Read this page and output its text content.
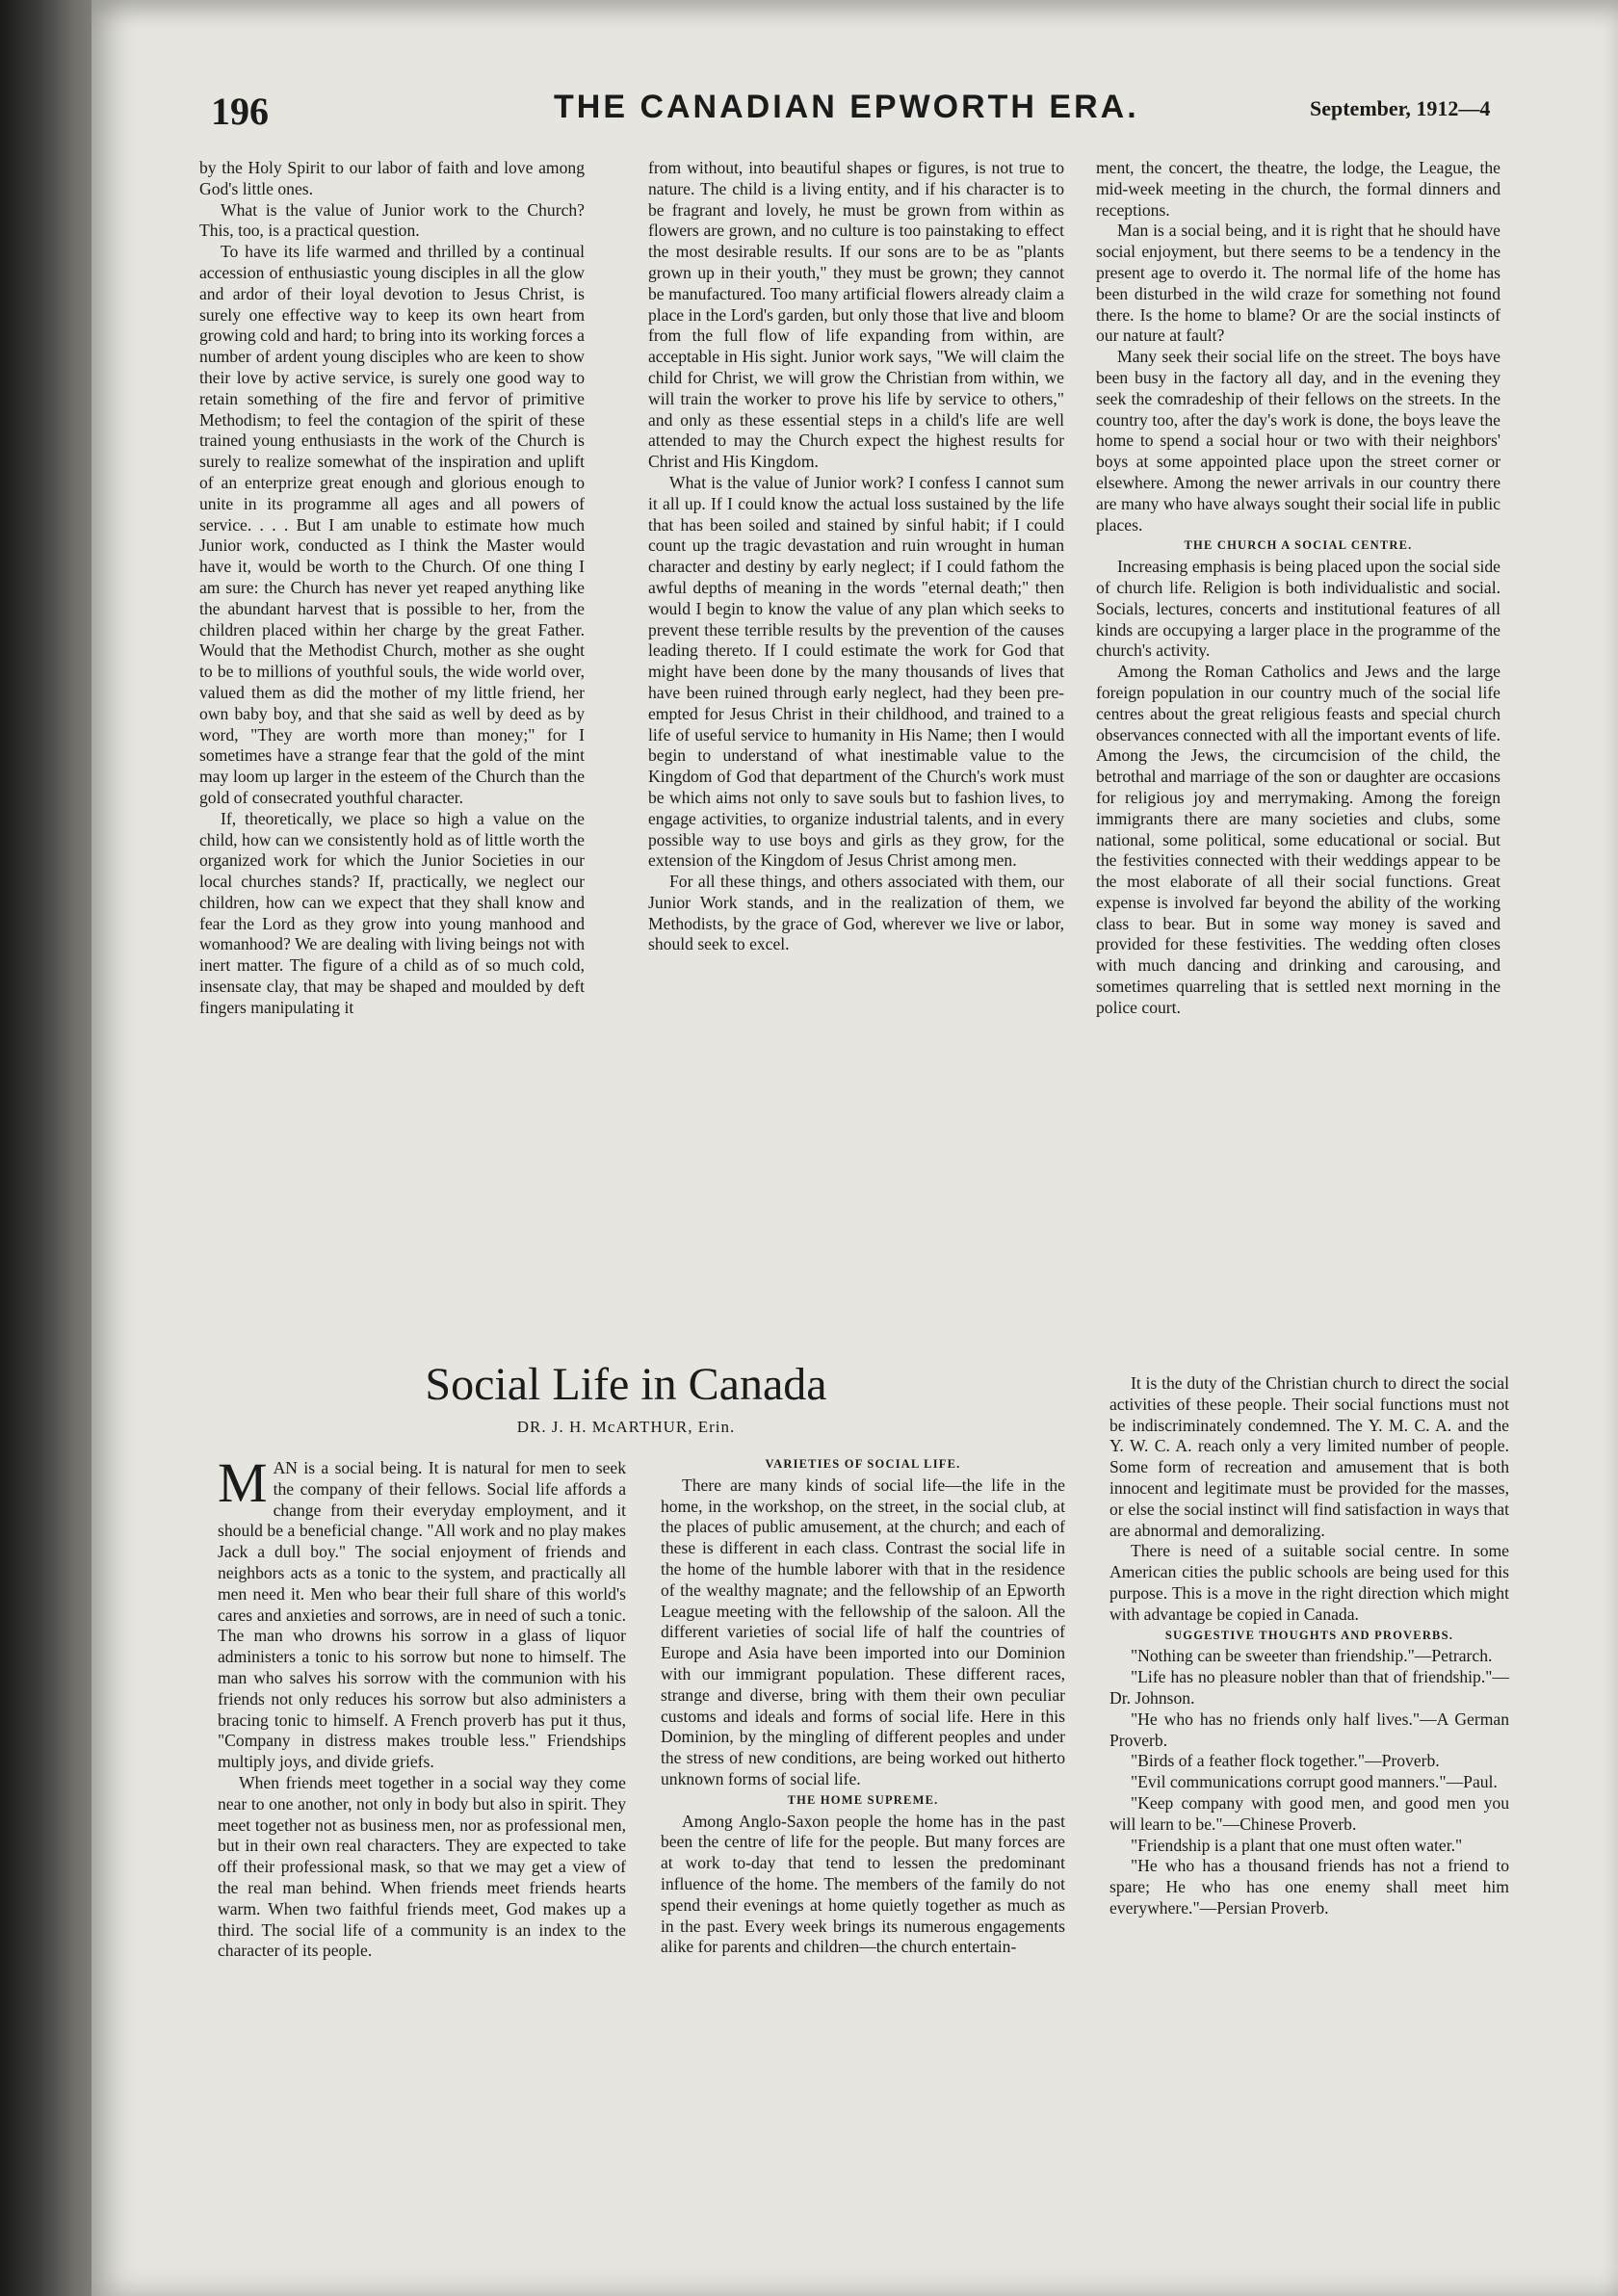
196	THE CANADIAN EPWORTH ERA.	September, 1912—4

by the Holy Spirit to our labor of faith and love among God's little ones.

What is the value of Junior work to the Church? This, too, is a practical question.

To have its life warmed and thrilled by a continual accession of enthusiastic young disciples in all the glow and ardor of their loyal devotion to Jesus Christ, is surely one effective way to keep its own heart from growing cold and hard; to bring into its working forces a number of ardent young disciples who are keen to show their love by active service, is surely one good way to retain something of the fire and fervor of primitive Methodism; to feel the contagion of the spirit of these trained young enthusiasts in the work of the Church is surely to realize somewhat of the inspiration and uplift of an enterprize great enough and glorious enough to unite in its programme all ages and all powers of service. . . . But I am unable to estimate how much Junior work, conducted as I think the Master would have it, would be worth to the Church. Of one thing I am sure: the Church has never yet reaped anything like the abundant harvest that is possible to her, from the children placed within her charge by the great Father. Would that the Methodist Church, mother as she ought to be to millions of youthful souls, the wide world over, valued them as did the mother of my little friend, her own baby boy, and that she said as well by deed as by word, "They are worth more than money;" for I sometimes have a strange fear that the gold of the mint may loom up larger in the esteem of the Church than the gold of consecrated youthful character.

If, theoretically, we place so high a value on the child, how can we consistently hold as of little worth the organized work for which the Junior Societies in our local churches stands? If, practically, we neglect our children, how can we expect that they shall know and fear the Lord as they grow into young manhood and womanhood? We are dealing with living beings not with inert matter. The figure of a child as of so much cold, insensate clay, that may be shaped and moulded by deft fingers manipulating it

from without, into beautiful shapes or figures, is not true to nature. The child is a living entity, and if his character is to be fragrant and lovely, he must be grown from within as flowers are grown, and no culture is too painstaking to effect the most desirable results. If our sons are to be as "plants grown up in their youth," they must be grown; they cannot be manufactured. Too many artificial flowers already claim a place in the Lord's garden, but only those that live and bloom from the full flow of life expanding from within, are acceptable in His sight. Junior work says, "We will claim the child for Christ, we will grow the Christian from within, we will train the worker to prove his life by service to others," and only as these essential steps in a child's life are well attended to may the Church expect the highest results for Christ and His Kingdom.

What is the value of Junior work? I confess I cannot sum it all up. If I could know the actual loss sustained by the life that has been soiled and stained by sinful habit; if I could count up the tragic devastation and ruin wrought in human character and destiny by early neglect; if I could fathom the awful depths of meaning in the words "eternal death;" then would I begin to know the value of any plan which seeks to prevent these terrible results by the prevention of the causes leading thereto. If I could estimate the work for God that might have been done by the many thousands of lives that have been ruined through early neglect, had they been pre-empted for Jesus Christ in their childhood, and trained to a life of useful service to humanity in His Name; then I would begin to understand of what inestimable value to the Kingdom of God that department of the Church's work must be which aims not only to save souls but to fashion lives, to engage activities, to organize industrial talents, and in every possible way to use boys and girls as they grow, for the extension of the Kingdom of Jesus Christ among men.

For all these things, and others associated with them, our Junior Work stands, and in the realization of them, we Methodists, by the grace of God, wherever we live or labor, should seek to excel.

ment, the concert, the theatre, the lodge, the League, the mid-week meeting in the church, the formal dinners and receptions.

Man is a social being, and it is right that he should have social enjoyment, but there seems to be a tendency in the present age to overdo it. The normal life of the home has been disturbed in the wild craze for something not found there. Is the home to blame? Or are the social instincts of our nature at fault?

Many seek their social life on the street. The boys have been busy in the factory all day, and in the evening they seek the comradeship of their fellows on the streets. In the country too, after the day's work is done, the boys leave the home to spend a social hour or two with their neighbors' boys at some appointed place upon the street corner or elsewhere. Among the newer arrivals in our country there are many who have always sought their social life in public places.

THE CHURCH A SOCIAL CENTRE.

Increasing emphasis is being placed upon the social side of church life. Religion is both individualistic and social. Socials, lectures, concerts and institutional features of all kinds are occupying a larger place in the programme of the church's activity.

Among the Roman Catholics and Jews and the large foreign population in our country much of the social life centres about the great religious feasts and special church observances connected with all the important events of life. Among the Jews, the circumcision of the child, the betrothal and marriage of the son or daughter are occasions for religious joy and merrymaking. Among the foreign immigrants there are many societies and clubs, some national, some political, some educational or social. But the festivities connected with their weddings appear to be the most elaborate of all their social functions. Great expense is involved far beyond the ability of the working class to bear. But in some way money is saved and provided for these festivities. The wedding often closes with much dancing and drinking and carousing, and sometimes quarreling that is settled next morning in the police court.

Social Life in Canada
DR. J. H. McARTHUR, Erin.

MAN is a social being. It is natural for men to seek the company of their fellows. Social life affords a change from their everyday employment, and it should be a beneficial change. "All work and no play makes Jack a dull boy." The social enjoyment of friends and neighbors acts as a tonic to the system, and practically all men need it. Men who bear their full share of this world's cares and anxieties and sorrows, are in need of such a tonic. The man who drowns his sorrow in a glass of liquor administers a tonic to his sorrow but none to himself. The man who salves his sorrow with the communion with his friends not only reduces his sorrow but also administers a bracing tonic to himself. A French proverb has put it thus, "Company in distress makes trouble less." Friendships multiply joys, and divide griefs.

When friends meet together in a social way they come near to one another, not only in body but also in spirit. They meet together not as business men, nor as professional men, but in their own real characters. They are expected to take off their professional mask, so that we may get a view of the real man behind. When friends meet friends hearts warm. When two faithful friends meet, God makes up a third. The social life of a community is an index to the character of its people.

VARIETIES OF SOCIAL LIFE.

There are many kinds of social life—the life in the home, in the workshop, on the street, in the social club, at the places of public amusement, at the church; and each of these is different in each class. Contrast the social life in the home of the humble laborer with that in the residence of the wealthy magnate; and the fellowship of an Epworth League meeting with the fellowship of the saloon. All the different varieties of social life of half the countries of Europe and Asia have been imported into our Dominion with our immigrant population. These different races, strange and diverse, bring with them their own peculiar customs and ideals and forms of social life. Here in this Dominion, by the mingling of different peoples and under the stress of new conditions, are being worked out hitherto unknown forms of social life.

THE HOME SUPREME.

Among Anglo-Saxon people the home has in the past been the centre of life for the people. But many forces are at work to-day that tend to lessen the predominant influence of the home. The members of the family do not spend their evenings at home quietly together as much as in the past. Every week brings its numerous engagements alike for parents and children—the church entertain-

It is the duty of the Christian church to direct the social activities of these people. Their social functions must not be indiscriminately condemned. The Y. M. C. A. and the Y. W. C. A. reach only a very limited number of people. Some form of recreation and amusement that is both innocent and legitimate must be provided for the masses, or else the social instinct will find satisfaction in ways that are abnormal and demoralizing.

There is need of a suitable social centre. In some American cities the public schools are being used for this purpose. This is a move in the right direction which might with advantage be copied in Canada.

SUGGESTIVE THOUGHTS AND PROVERBS.

"Nothing can be sweeter than friendship."—Petrarch.

"Life has no pleasure nobler than that of friendship."—Dr. Johnson.

"He who has no friends only half lives."—A German Proverb.

"Birds of a feather flock together."—Proverb.

"Evil communications corrupt good manners."—Paul.

"Keep company with good men, and good men you will learn to be."—Chinese Proverb.

"Friendship is a plant that one must often water."

"He who has a thousand friends has not a friend to spare; He who has one enemy shall meet him everywhere."—Persian Proverb.
